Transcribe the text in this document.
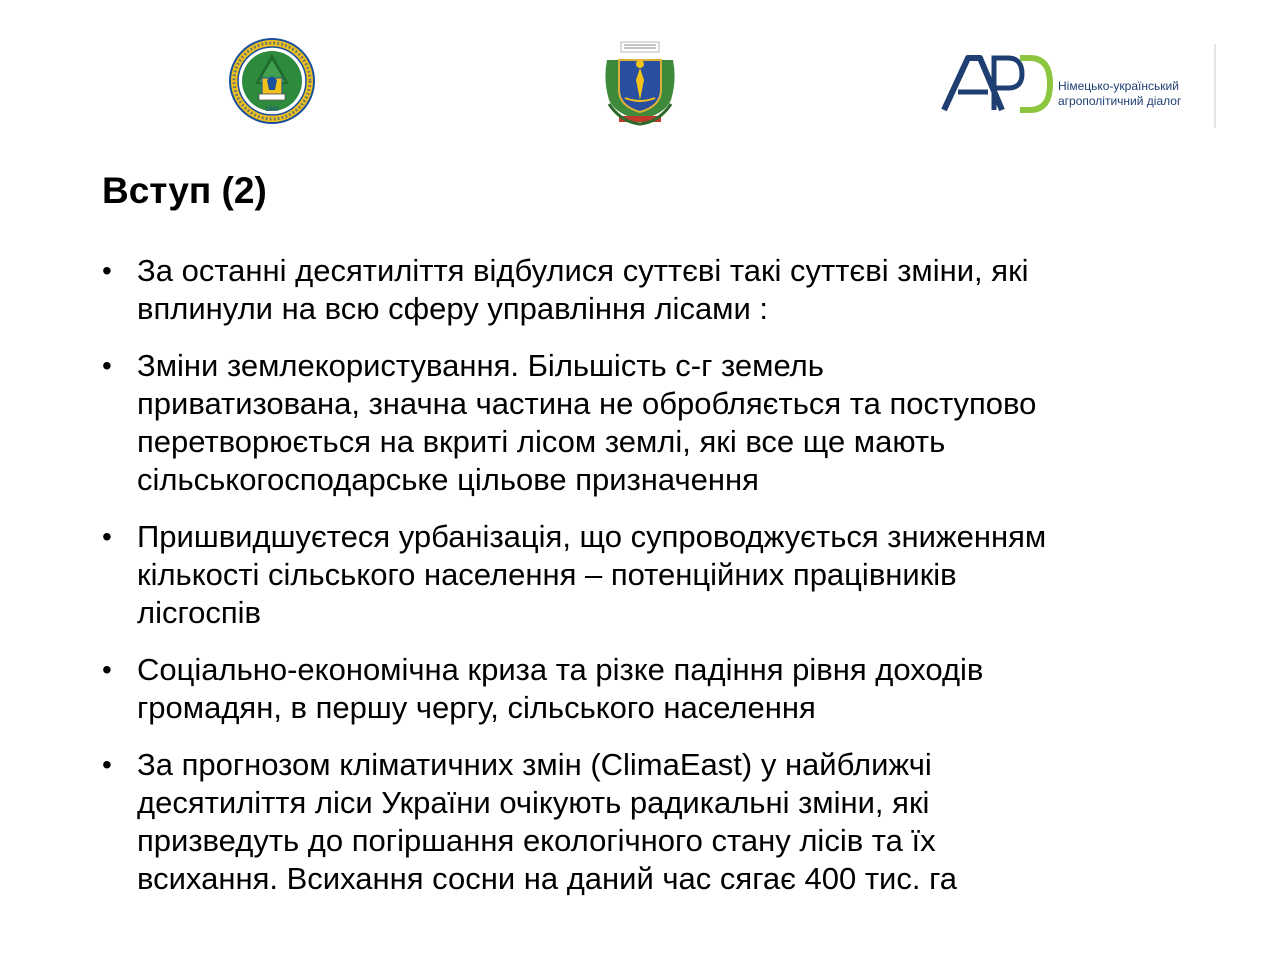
1840
Німецько-український
агрополітичний діалог
Вступ (2)
• За останні десятиліття відбулися суттєві такі суттєві зміни, які
вплинули на всю сферу управління лісами :
• Зміни землекористування. Більшість с-г земель
приватизована, значна частина не обробляється та поступово
перетворюється на вкриті лісом землі, які все ще мають
сільськогосподарське цільове призначення
• Пришвидшуєтеся урбанізація, що супроводжується зниженням
кількості сільського населення – потенційних працівників
лісгоспів
• Соціально-економічна криза та різке падіння рівня доходів
громадян, в першу чергу, сільського населення
• За прогнозом кліматичних змін (ClimaEast) у найближчі
десятиліття ліси України очікують радикальні зміни, які
призведуть до погіршання екологічного стану лісів та їх
всихання. Всихання сосни на даний час сягає 400 тис. га
